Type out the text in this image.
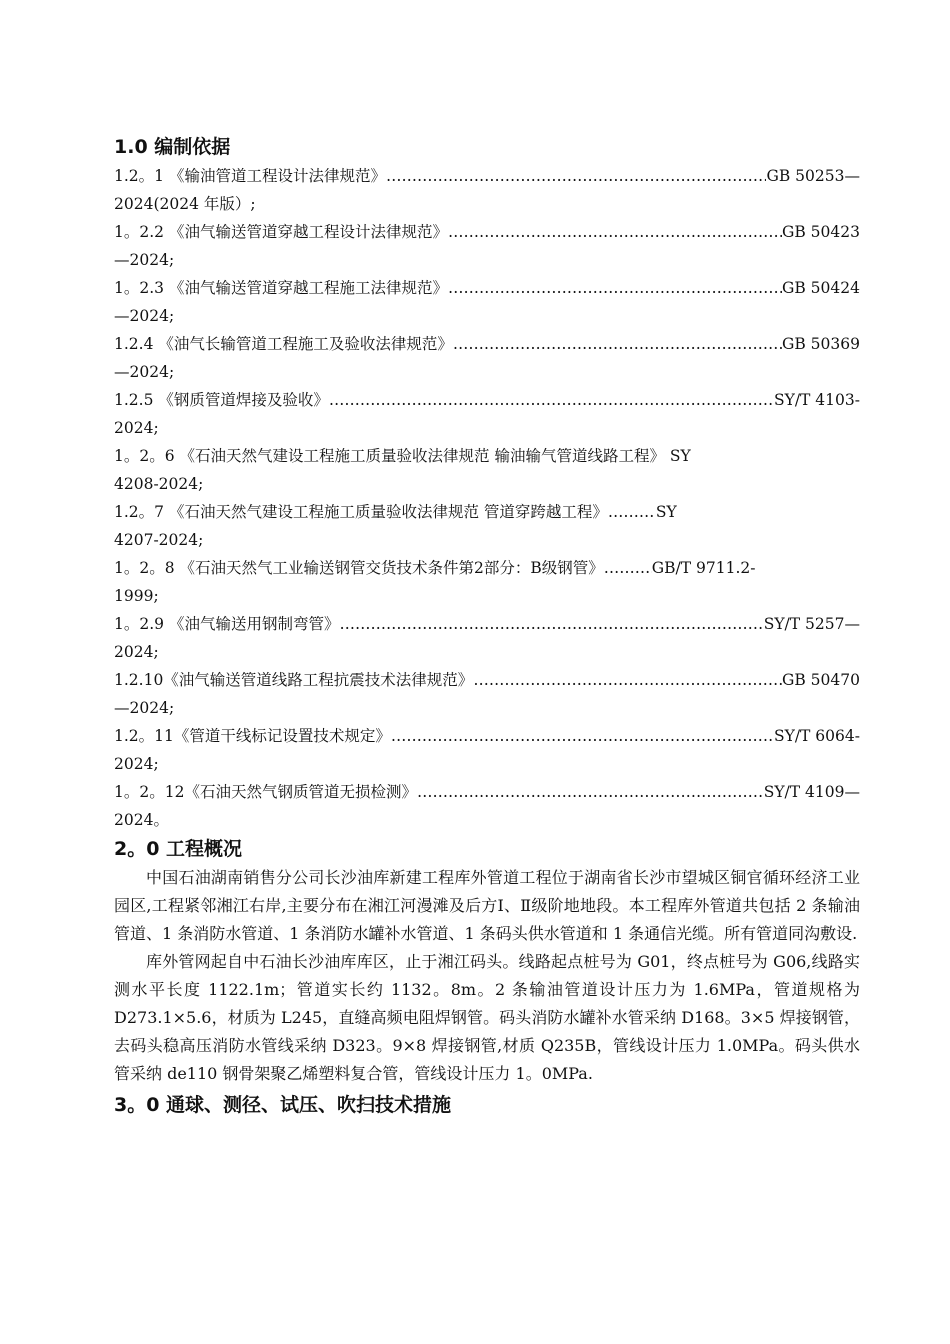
1.0 编制依据
1.2。1 《输油管道工程设计法律规范》 ……………………………………………………………………………………………………………………	GB 50253—
2024(2024 年版）;
1。2.2 《油气输送管道穿越工程设计法律规范》 ……………………………………………………………………………………………………………………	GB 50423
—2024;
1。2.3 《油气输送管道穿越工程施工法律规范》 ……………………………………………………………………………………………………………………	GB 50424
—2024;
1.2.4 《油气长输管道工程施工及验收法律规范》 ……………………………………………………………………………………………………………………	GB 50369
—2024;
1.2.5 《钢质管道焊接及验收》 ……………………………………………………………………………………………………………………	SY/T 4103-
2024;
1。2。6 《石油天然气建设工程施工质量验收法律规范 输油输气管道线路工程》 SY
4208-2024;
1.2。7 《石油天然气建设工程施工质量验收法律规范 管道穿跨越工程》 ……………………………………………………………………………………………………………………	SY
4207-2024;
1。2。8 《石油天然气工业输送钢管交货技术条件第2部分：B级钢管》 ……………………………………………………………………………………………………………………	GB/T 9711.2-
1999;
1。2.9 《油气输送用钢制弯管》 ……………………………………………………………………………………………………………………	SY/T 5257—
2024;
1.2.10《油气输送管道线路工程抗震技术法律规范》 ……………………………………………………………………………………………………………………	GB 50470
—2024;
1.2。11《管道干线标记设置技术规定》 ……………………………………………………………………………………………………………………	SY/T 6064-
2024;
1。2。12《石油天然气钢质管道无损检测》 ……………………………………………………………………………………………………………………	SY/T 4109—
2024。
2。0 工程概况

中国石油湖南销售分公司长沙油库新建工程库外管道工程位于湖南省长沙市望城区铜官循环经济工业园区,工程紧邻湘江右岸,主要分布在湘江河漫滩及后方I、Ⅱ级阶地地段。本工程库外管道共包括 2 条输油管道、1 条消防水管道、1 条消防水罐补水管道、1 条码头供水管道和 1 条通信光缆。所有管道同沟敷设.

库外管网起自中石油长沙油库库区，止于湘江码头。线路起点桩号为 G01，终点桩号为 G06,线路实测水平长度 1122.1m；管道实长约 1132。8m。2 条输油管道设计压力为 1.6MPa，管道规格为 D273.1×5.6，材质为 L245，直缝高频电阻焊钢管。码头消防水罐补水管采纳 D168。3×5 焊接钢管，去码头稳高压消防水管线采纳 D323。9×8 焊接钢管,材质 Q235B，管线设计压力 1.0MPa。码头供水管采纳 de110 钢骨架聚乙烯塑料复合管，管线设计压力 1。0MPa.

3。0 通球、测径、试压、吹扫技术措施
